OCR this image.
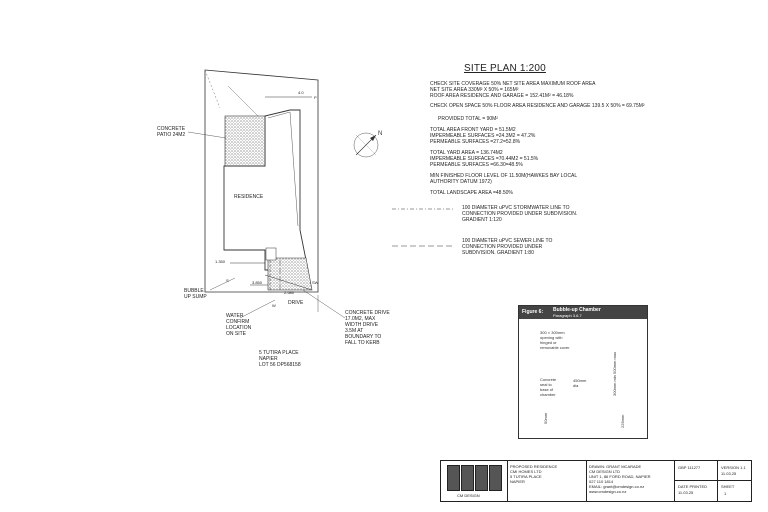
N
SITE PLAN 1:200

CHECK SITE COVERAGE 50% NET SITE AREA MAXIMUM ROOF AREA

NET SITE AREA 330M² X 50% = 165M²

ROOF AREA RESIDENCE AND GARAGE = 152.41M² = 46.18%

CHECK OPEN SPACE 50% FLOOR AREA RESIDENCE AND GARAGE 139.5 X 50% = 69.75M²

PROVIDED TOTAL = 90M²

TOTAL AREA FRONT YARD = 51.5M2

IMPERMEABLE SURFACES =24.3M2 = 47.2%

PERMEABLE SURFACES =27.2=52.8%

TOTAL YARD AREA = 136.74M2

IMPERMEABLE SURFACES =70.44M2 = 51.5%

PERMEABLE SURFACES =66.30=48.5%

MIN FINISHED FLOOR LEVEL OF 11.50M(HAWKES BAY LOCAL

AUTHORITY DATUM 1972)

TOTAL LANDSCAPE AREA =48.50%

100 DIAMETER uPVC STORMWATER LINE TO
CONNECTION PROVIDED UNDER SUBDIVISION.
GRADIENT 1:120
100 DIAMETER uPVC SEWER LINE TO
CONNECTION PROVIDED UNDER
SUBDIVISION. GRADIENT 1:80
CONCRETE
PATIO 24M2
RESIDENCE
BUBBLE
UP SUMP
WATER
CONFIRM
LOCATION
ON SITE
DRIVE
CONCRETE DRIVE
17.0M2, MAX
WIDTH DRIVE
3.5M AT
BOUNDARY TO
FALL TO KERB
5 TUTIRA PLACE
NAPIER
LOT 56 DP568158
4.0
1.350
3.850
2.580
P
SW
S
W
Figure 6: Bubble-up Chamber
Paragraph 3.6.7
300 × 300mm
opening with
hinged or
removable cover
Concrete
seal to
base of
chamber
450mm
dia	300mm min 500mm max
225mm
50mm
CM DESIGN
PROPOSED RESIDENCE
CMI HOMES LTD
5 TUTIRA PLACE
NAPIER
DRAWN: GRANT MCARADE
CM DESIGN LTD
UNIT 1, 86 FORD ROAD, NAPIER
027 110 1814
EMAIL: grant@cmdesign.co.nz
www.cmdesign.co.nz
GBP 111277
DATE PRINTED
11.03.25
VERSION 1.1
11.03.25
SHEET
1
